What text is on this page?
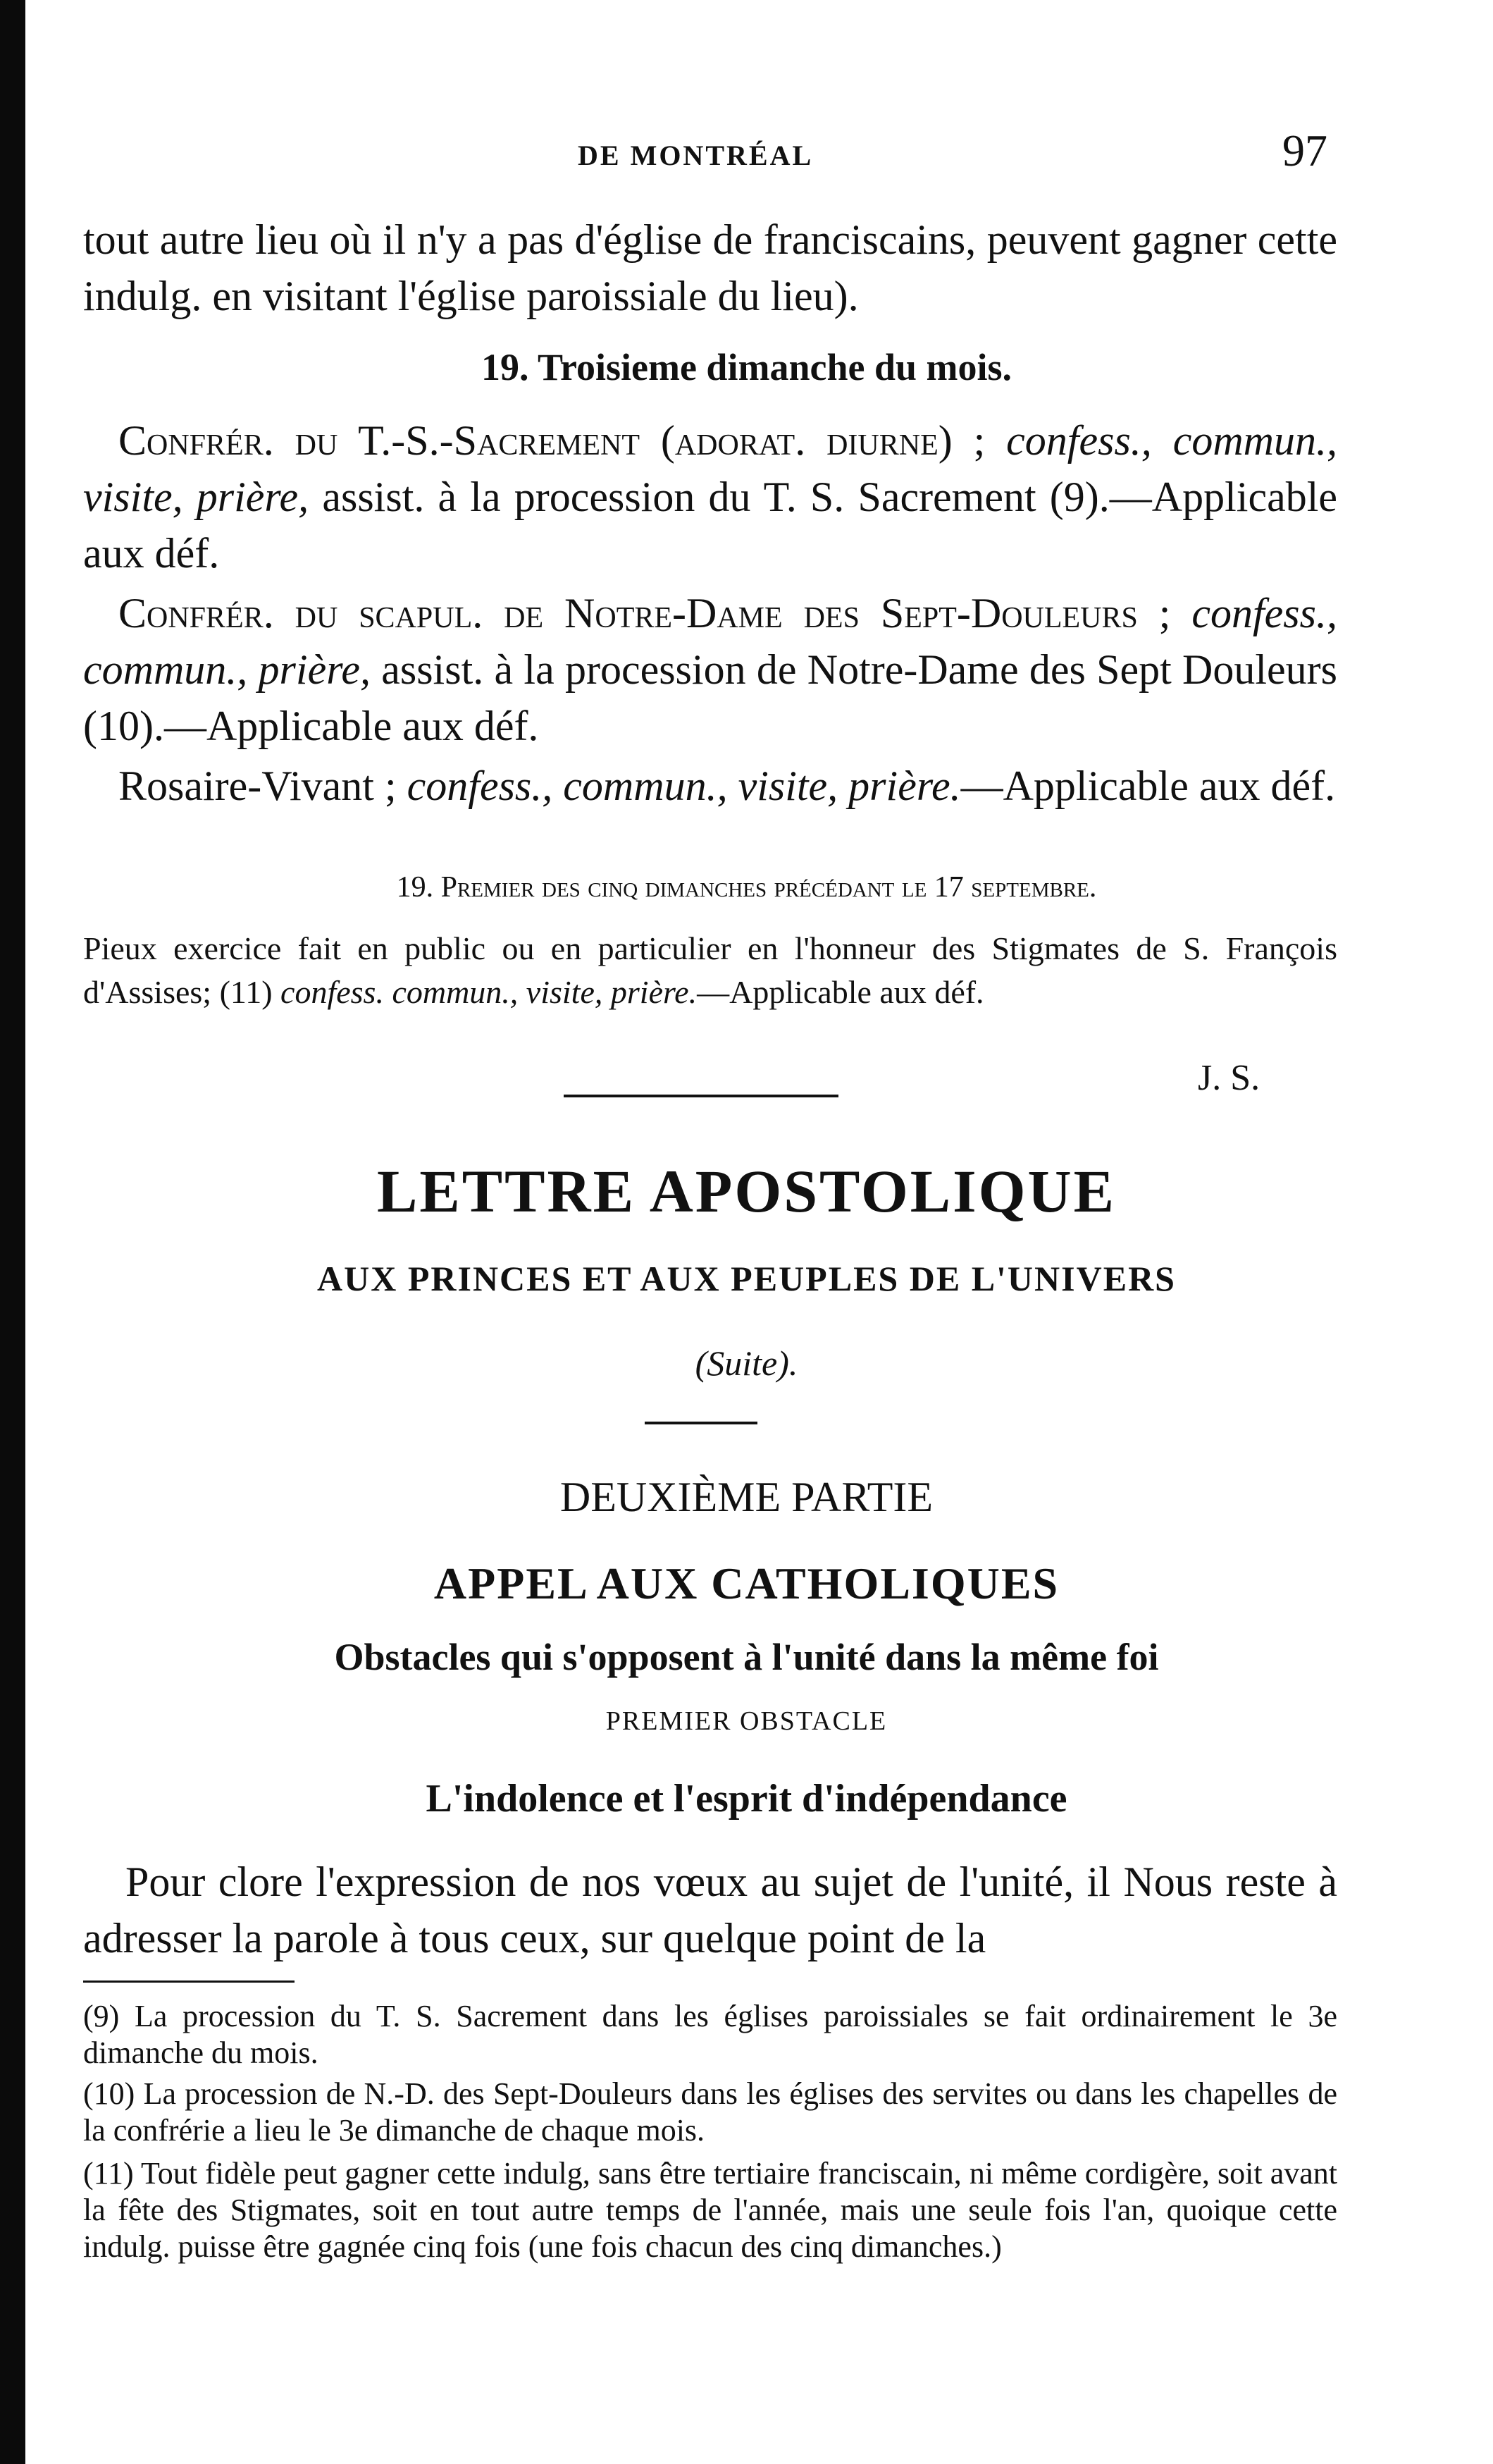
DE MONTRÉAL	97

tout autre lieu où il n'y a pas d'église de franciscains, peuvent gagner cette indulg. en visitant l'église paroissiale du lieu).

19. Troisieme dimanche du mois.

Confrér. du T.-S.-Sacrement (adorat. diurne) ; confess., commun., visite, prière, assist. à la procession du T. S. Sacrement (9).—Applicable aux déf.

Confrér. du scapul. de Notre-Dame des Sept-Douleurs ; confess., commun., prière, assist. à la procession de Notre-Dame des Sept Douleurs (10).—Applicable aux déf.

Rosaire-Vivant ; confess., commun., visite, prière.—Applicable aux déf.

19. Premier des cinq dimanches précédant le 17 septembre.

Pieux exercice fait en public ou en particulier en l'honneur des Stigmates de S. François d'Assises; (11) confess. commun., visite, prière.—Applicable aux déf.

J. S.
LETTRE APOSTOLIQUE
AUX PRINCES ET AUX PEUPLES DE L'UNIVERS
(Suite).
DEUXIÈME PARTIE
APPEL AUX CATHOLIQUES
Obstacles qui s'opposent à l'unité dans la même foi
PREMIER OBSTACLE
L'indolence et l'esprit d'indépendance

Pour clore l'expression de nos vœux au sujet de l'unité, il Nous reste à adresser la parole à tous ceux, sur quelque point de la

(9) La procession du T. S. Sacrement dans les églises paroissiales se fait ordinairement le 3e dimanche du mois.

(10) La procession de N.-D. des Sept-Douleurs dans les églises des servites ou dans les chapelles de la confrérie a lieu le 3e dimanche de chaque mois.

(11) Tout fidèle peut gagner cette indulg, sans être tertiaire franciscain, ni même cordigère, soit avant la fête des Stigmates, soit en tout autre temps de l'année, mais une seule fois l'an, quoique cette indulg. puisse être gagnée cinq fois (une fois chacun des cinq dimanches.)
